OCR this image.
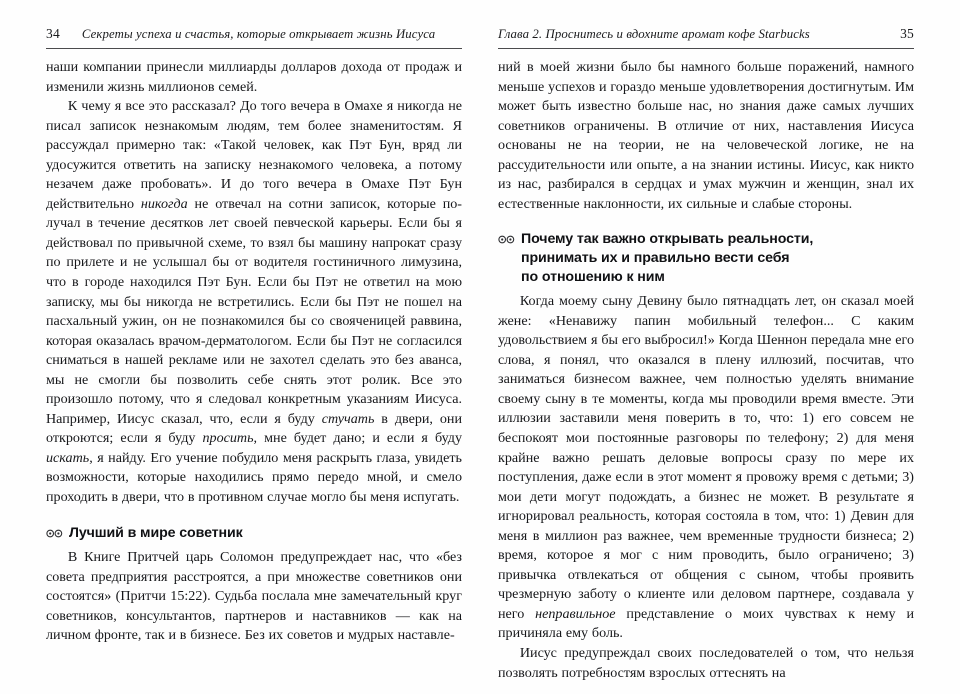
34 Секреты успеха и счастья, которые открывает жизнь Иисуса

наши компании принесли миллиарды долларов дохода от продаж и изменили жизнь миллионов семей.

К чему я все это рассказал? До того вечера в Омахе я никогда не писал записок незнакомым людям, тем более знаменитостям. Я рассуждал примерно так: «Такой человек, как Пэт Бун, вряд ли удосужится ответить на записку незнакомого человека, а потому незачем даже пробовать». И до того вечера в Омахе Пэт Бун действительно никогда не отвечал на сотни записок, которые получал в течение десятков лет своей певческой карьеры. Если бы я действовал по привычной схеме, то взял бы машину напрокат сразу по прилете и не услышал бы от водителя гостиничного лимузина, что в городе находился Пэт Бун. Если бы Пэт не ответил на мою записку, мы бы никогда не встретились. Если бы Пэт не пошел на пасхальный ужин, он не познакомился бы со свояченицей раввина, которая оказалась врачом-дерматологом. Если бы Пэт не согласился сниматься в нашей рекламе или не захотел сделать это без аванса, мы не смогли бы позволить себе снять этот ролик. Все это произошло потому, что я следовал конкретным указаниям Иисуса. Например, Иисус сказал, что, если я буду стучать в двери, они откроются; если я буду просить, мне будет дано; и если я буду искать, я найду. Его учение побудило меня раскрыть глаза, увидеть возможности, которые находились прямо передо мной, и смело проходить в двери, что в противном случае могло бы меня испугать.

Лучший в мире советник

В Книге Притчей царь Соломон предупреждает нас, что «без совета предприятия расстроятся, а при множестве советников они состоятся» (Притчи 15:22). Судьба послала мне замечательный круг советников, консультантов, партнеров и наставников — как на личном фронте, так и в бизнесе. Без их советов и мудрых наставле-

Глава 2. Проснитесь и вдохните аромат кофе Starbucks	35

ний в моей жизни было бы намного больше поражений, намного меньше успехов и гораздо меньше удовлетворения достигнутым. Им может быть известно больше нас, но знания даже самых лучших советников ограничены. В отличие от них, наставления Иисуса основаны не на теории, не на человеческой логике, не на рассудительности или опыте, а на знании истины. Иисус, как никто из нас, разбирался в сердцах и умах мужчин и женщин, знал их естественные наклонности, их сильные и слабые стороны.

Почему так важно открывать реальности,
принимать их и правильно вести себя
по отношению к ним

Когда моему сыну Девину было пятнадцать лет, он сказал моей жене: «Ненавижу папин мобильный телефон... С каким удовольствием я бы его выбросил!» Когда Шеннон передала мне его слова, я понял, что оказался в плену иллюзий, посчитав, что заниматься бизнесом важнее, чем полностью уделять внимание своему сыну в те моменты, когда мы проводили время вместе. Эти иллюзии заставили меня поверить в то, что: 1) его совсем не беспокоят мои постоянные разговоры по телефону; 2) для меня крайне важно решать деловые вопросы сразу по мере их поступления, даже если в этот момент я провожу время с детьми; 3) мои дети могут подождать, а бизнес не может. В результате я игнорировал реальность, которая состояла в том, что: 1) Девин для меня в миллион раз важнее, чем временные трудности бизнеса; 2) время, которое я мог с ним проводить, было ограничено; 3) привычка отвлекаться от общения с сыном, чтобы проявить чрезмерную заботу о клиенте или деловом партнере, создавала у него неправильное представление о моих чувствах к нему и причиняла ему боль.

Иисус предупреждал своих последователей о том, что нельзя позволять потребностям взрослых оттеснять на
